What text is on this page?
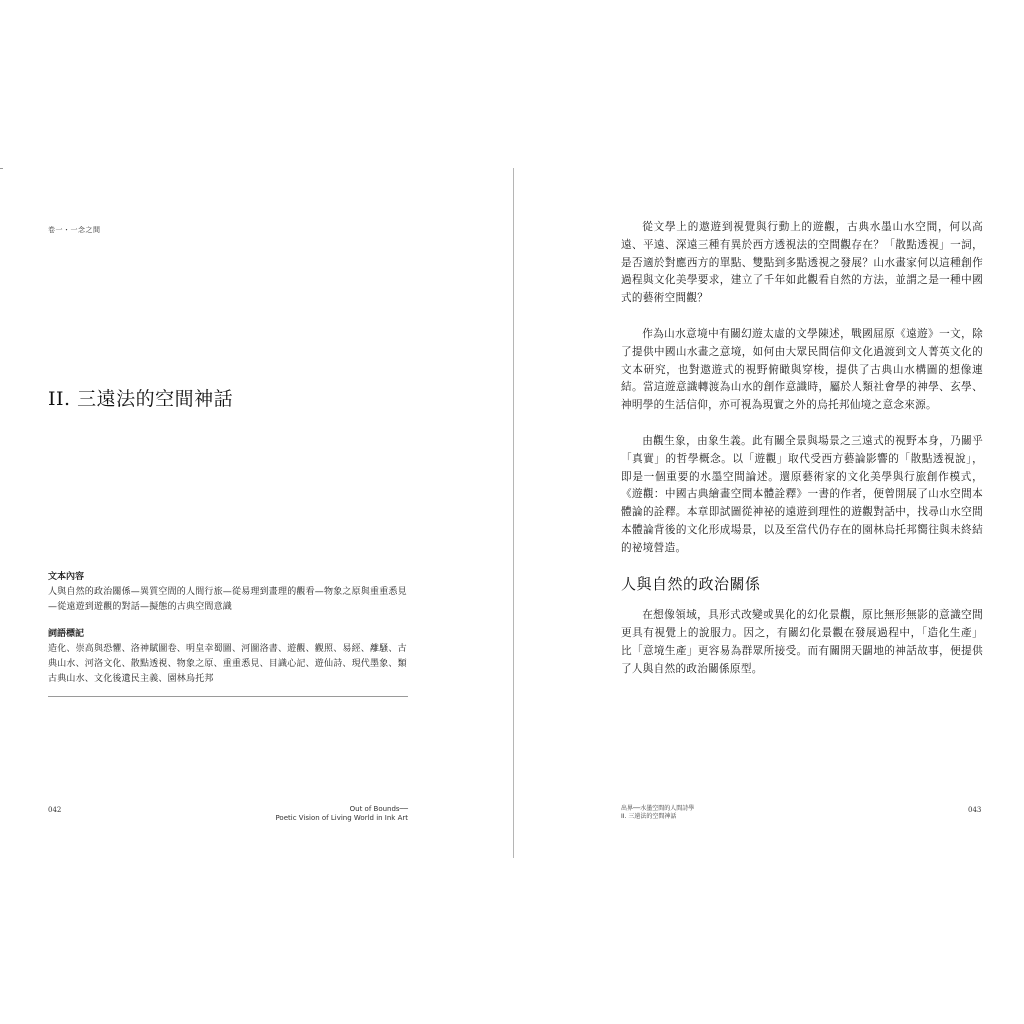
卷一・一念之間
II. 三遠法的空間神話

文本內容

人與自然的政治關係—異質空間的人間行旅—從易理到畫理的觀看—物象之原與重重悉見—從遠遊到遊觀的對話—擬態的古典空間意識

詞語標記

造化、崇高與恐懼、洛神賦圖卷、明皇幸蜀圖、河圖洛書、遊觀、觀照、易經、離騷、古典山水、河洛文化、散點透視、物象之原、重重悉見、目識心記、遊仙詩、現代墨象、類古典山水、文化後遺民主義、園林烏托邦

042	Out of Bounds──
Poetic Vision of Living World in Ink Art

從文學上的遨遊到視覺與行動上的遊觀，古典水墨山水空間，何以高遠、平遠、深遠三種有異於西方透視法的空間觀存在？「散點透視」一詞，是否適於對應西方的單點、雙點到多點透視之發展？山水畫家何以這種創作過程與文化美學要求，建立了千年如此觀看自然的方法，並謂之是一種中國式的藝術空間觀？

作為山水意境中有關幻遊太虛的文學陳述，戰國屈原《遠遊》一文，除了提供中國山水畫之意境，如何由大眾民間信仰文化過渡到文人菁英文化的文本研究，也對遨遊式的視野俯瞰與穿梭，提供了古典山水構圖的想像連結。當這遊意識轉渡為山水的創作意識時，屬於人類社會學的神學、玄學、神明學的生活信仰，亦可視為現實之外的烏托邦仙境之意念來源。

由觀生象，由象生義。此有關全景與場景之三遠式的視野本身，乃關乎「真實」的哲學概念。以「遊觀」取代受西方藝論影響的「散點透視說」，即是一個重要的水墨空間論述。還原藝術家的文化美學與行旅創作模式，《遊觀：中國古典繪畫空間本體詮釋》一書的作者，便曾開展了山水空間本體論的詮釋。本章即試圖從神祕的遠遊到理性的遊觀對話中，找尋山水空間本體論背後的文化形成場景，以及至當代仍存在的園林烏托邦嚮往與未終結的祕境營造。

人與自然的政治關係

在想像領域，具形式改變或異化的幻化景觀，原比無形無影的意識空間更具有視覺上的說服力。因之，有關幻化景觀在發展過程中，「造化生產」比「意境生產」更容易為群眾所接受。而有關開天闢地的神話故事，便提供了人與自然的政治關係原型。

出界──水墨空間的人間詩學
II. 三遠法的空間神話
043
